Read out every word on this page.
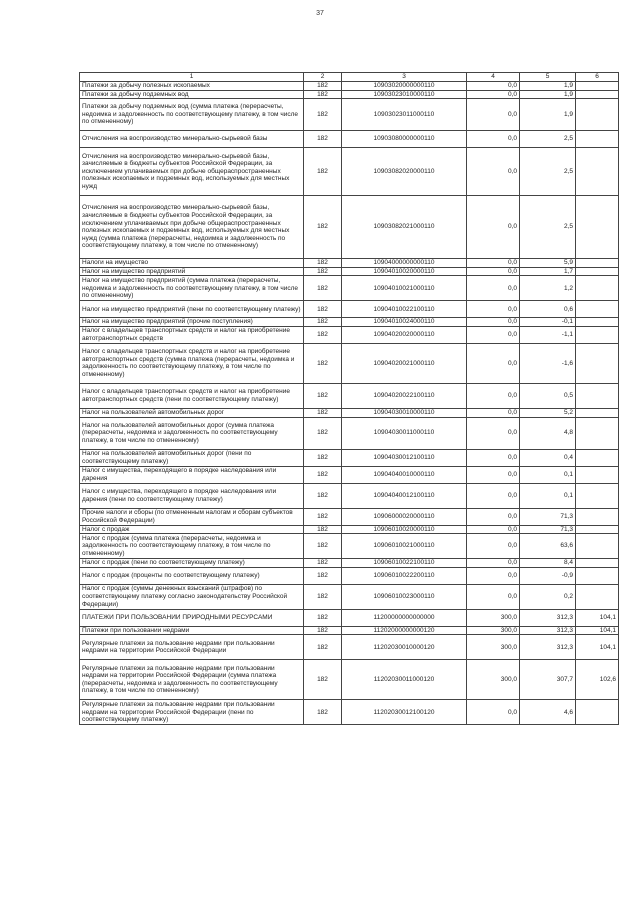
37
1	2	3	4	5	6
Платежи за добычу полезных ископаемых	182	10903020000000110	0,0	1,9	
Платежи за добычу подземных вод	182	10903023010000110	0,0	1,9	
Платежи за добычу подземных вод (сумма платежа (перерасчеты, недоимка и задолженность по соответствующему платежу, в том числе по отмененному)	182	10903023011000110	0,0	1,9	
Отчисления на воспроизводство минерально-сырьевой базы	182	10903080000000110	0,0	2,5	
Отчисления на воспроизводство минерально-сырьевой базы, зачисляемые в бюджеты субъектов Российской Федерации, за исключением уплачиваемых при добыче общераспространенных полезных ископаемых и подземных вод, используемых для местных нужд	182	10903082020000110	0,0	2,5	
Отчисления на воспроизводство минерально-сырьевой базы, зачисляемые в бюджеты субъектов Российской Федерации, за исключением уплачиваемых при добыче общераспространенных полезных ископаемых и подземных вод, используемых для местных нужд (сумма платежа (перерасчеты, недоимка и задолженность по соответствующему платежу, в том числе по отмененному)	182	10903082021000110	0,0	2,5	
Налоги на имущество	182	10904000000000110	0,0	5,9	
Налог на имущество предприятий	182	10904010020000110	0,0	1,7	
Налог на имущество предприятий (сумма платежа (перерасчеты, недоимка и задолженность по соответствующему платежу, в том числе по отмененному)	182	10904010021000110	0,0	1,2	
Налог на имущество предприятий (пени по соответствующему платежу)	182	10904010022100110	0,0	0,6	
Налог на имущество предприятий (прочие поступления)	182	10904010024000110	0,0	-0,1	
Налог с владельцев транспортных средств и налог на приобретение автотранспортных средств	182	10904020020000110	0,0	-1,1	
Налог с владельцев транспортных средств и налог на приобретение автотранспортных средств (сумма платежа (перерасчеты, недоимка и задолженность по соответствующему платежу, в том числе по отмененному)	182	10904020021000110	0,0	-1,6	
Налог с владельцев транспортных средств и налог на приобретение автотранспортных средств (пени по соответствующему платежу)	182	10904020022100110	0,0	0,5	
Налог на пользователей автомобильных дорог	182	10904030010000110	0,0	5,2	
Налог на пользователей автомобильных дорог (сумма платежа (перерасчеты, недоимка и задолженность по соответствующему платежу, в том числе по отмененному)	182	10904030011000110	0,0	4,8	
Налог на пользователей автомобильных дорог (пени по соответствующему платежу)	182	10904030012100110	0,0	0,4	
Налог с имущества, переходящего в порядке наследования или дарения	182	10904040010000110	0,0	0,1	
Налог с имущества, переходящего в порядке наследования или дарения (пени по соответствующему платежу)	182	10904040012100110	0,0	0,1	
Прочие налоги и сборы (по отмененным налогам и сборам субъектов Российской Федерации)	182	10906000020000110	0,0	71,3	
Налог с продаж	182	10906010020000110	0,0	71,3	
Налог с продаж (сумма платежа (перерасчеты, недоимка и задолженность по соответствующему платежу, в том числе по отмененному)	182	10906010021000110	0,0	63,6	
Налог с продаж (пени по соответствующему платежу)	182	10906010022100110	0,0	8,4	
Налог с продаж (проценты по соответствующему платежу)	182	10906010022200110	0,0	-0,9	
Налог с продаж (суммы денежных взысканий (штрафов) по соответствующему платежу согласно законодательству Российской Федерации)	182	10906010023000110	0,0	0,2	
ПЛАТЕЖИ ПРИ ПОЛЬЗОВАНИИ ПРИРОДНЫМИ РЕСУРСАМИ	182	11200000000000000	300,0	312,3	104,1
Платежи при пользовании недрами	182	11202000000000120	300,0	312,3	104,1
Регулярные платежи за пользование недрами при пользовании недрами на территории Российской Федерации	182	11202030010000120	300,0	312,3	104,1
Регулярные платежи за пользование недрами при пользовании недрами на территории Российской Федерации (сумма платежа (перерасчеты, недоимка и задолженность по соответствующему платежу, в том числе по отмененному)	182	11202030011000120	300,0	307,7	102,6
Регулярные платежи за пользование недрами при пользовании недрами на территории Российской Федерации (пени по соответствующему платежу)	182	11202030012100120	0,0	4,6	
